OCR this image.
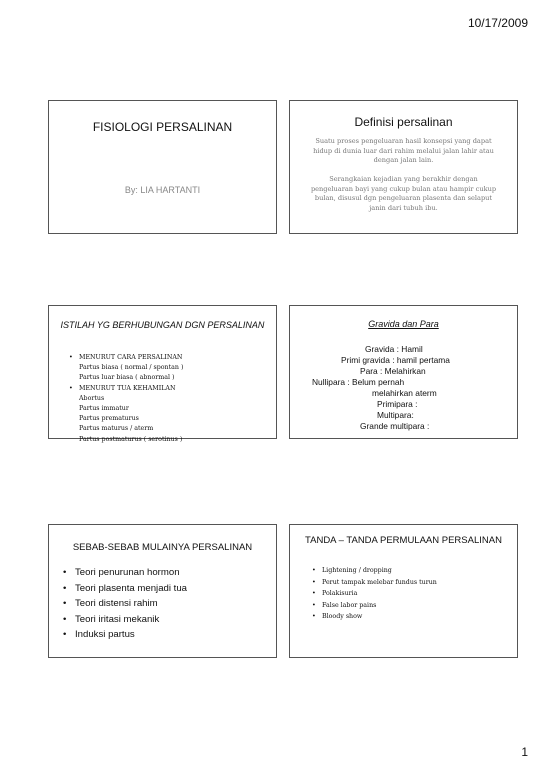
10/17/2009
FISIOLOGI PERSALINAN
By: LIA HARTANTI
Definisi persalinan
Suatu proses pengeluaran hasil konsepsi yang dapat hidup di dunia luar dari rahim melalui jalan lahir atau dengan jalan lain.
Serangkaian kejadian yang berakhir dengan pengeluaran bayi yang cukup bulan atau hampir cukup bulan, disusul dgn pengeluaran plasenta dan selaput janin dari tubuh ibu.
ISTILAH YG BERHUBUNGAN DGN PERSALINAN
• MENURUT CARA PERSALINAN
Partus biasa ( normal / spontan )
Partus luar biasa ( abnormal )
• MENURUT TUA KEHAMILAN
Abortus
Partus immatur
Partus prematurus
Partus maturus / aterm
Partus postmaturus ( serotinus )
Gravida dan Para
Gravida : Hamil
Primi gravida : hamil pertama
Para : Melahirkan
Nullipara : Belum pernah
melahirkan aterm
Primipara :
Multipara:
Grande multipara :
SEBAB-SEBAB MULAINYA PERSALINAN
• Teori penurunan hormon
• Teori plasenta menjadi tua
• Teori distensi rahim
• Teori iritasi mekanik
• Induksi partus
TANDA – TANDA PERMULAAN PERSALINAN
• Lightening / dropping
• Perut tampak melebar fundus turun
• Polakisuria
• False labor pains
• Bloody show
1
